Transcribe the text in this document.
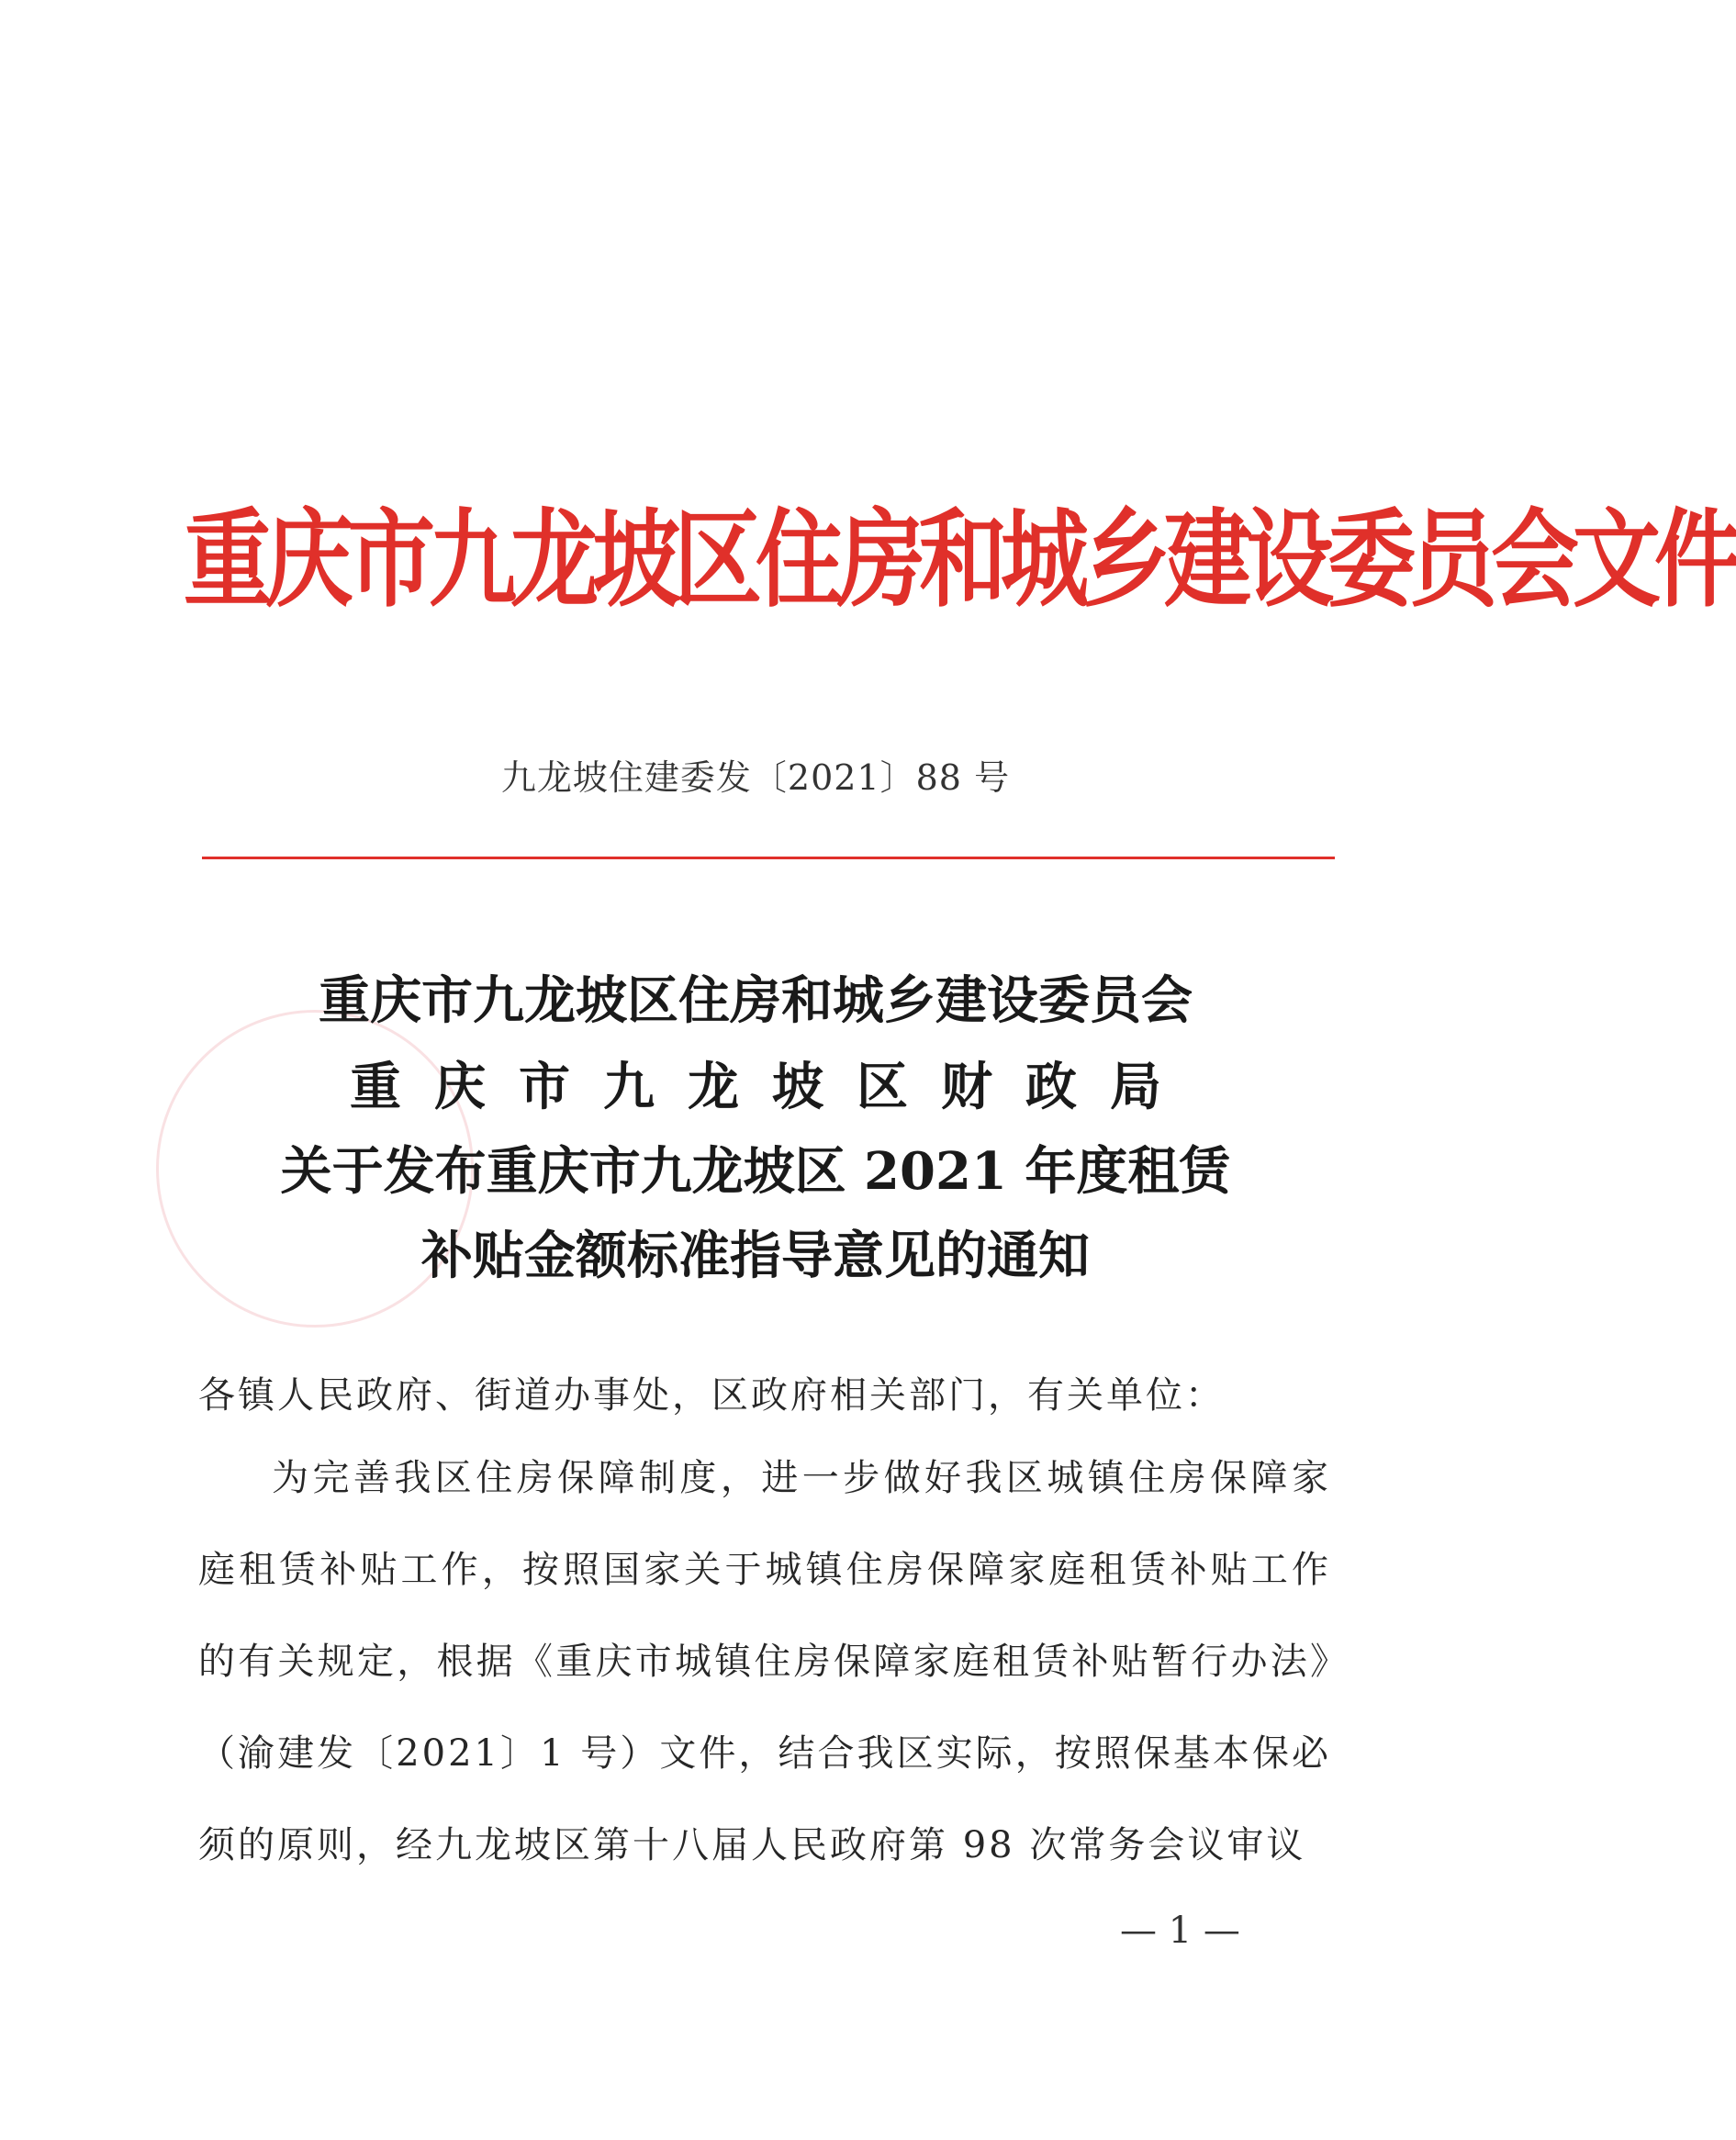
重庆市九龙坡区住房和城乡建设委员会文件
九龙坡住建委发〔2021〕88 号
重庆市九龙坡区住房和城乡建设委员会
重庆市九龙坡区财政局
关于发布重庆市九龙坡区 2021 年度租赁
补贴金额标准指导意见的通知

各镇人民政府、街道办事处，区政府相关部门，有关单位：

为完善我区住房保障制度，进一步做好我区城镇住房保障家庭租赁补贴工作，按照国家关于城镇住房保障家庭租赁补贴工作的有关规定，根据《重庆市城镇住房保障家庭租赁补贴暂行办法》（渝建发〔2021〕1 号）文件，结合我区实际，按照保基本保必须的原则，经九龙坡区第十八届人民政府第 98 次常务会议审议

— 1 —
